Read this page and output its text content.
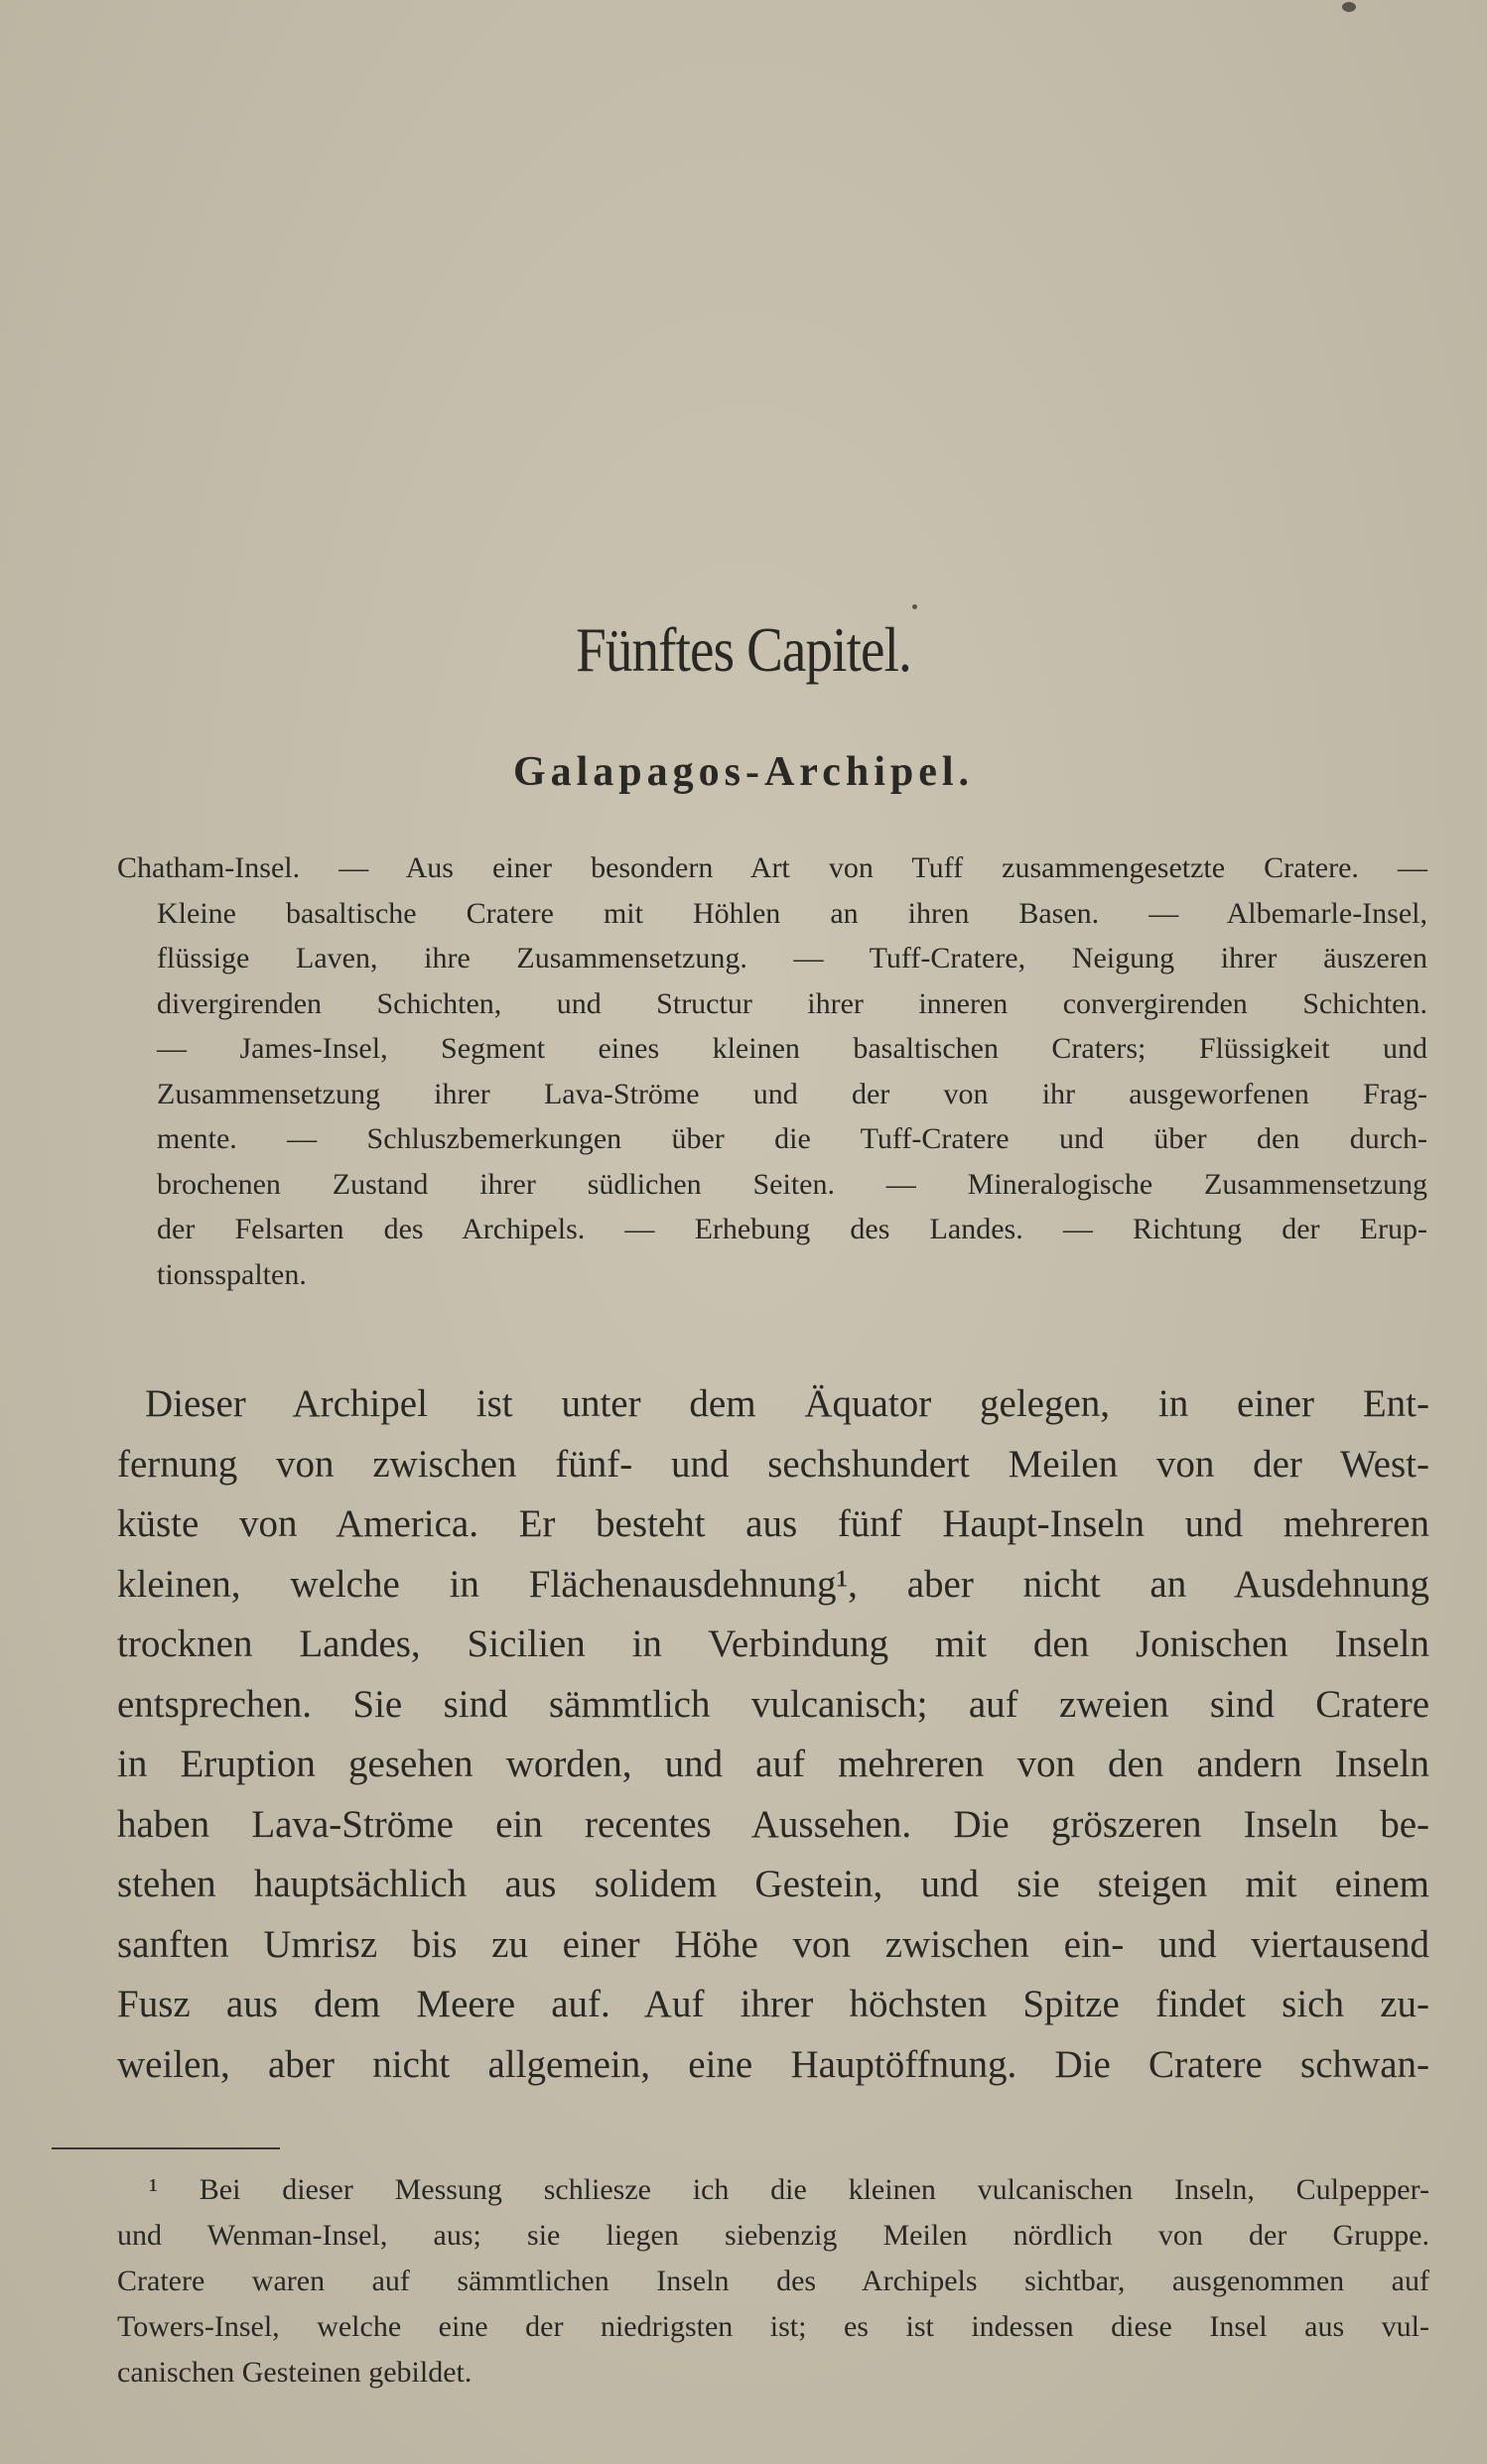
Fünftes Capitel.
Galapagos-Archipel.
Chatham-Insel. — Aus einer besondern Art von Tuff zusammengesetzte Cratere. —
Kleine basaltische Cratere mit Höhlen an ihren Basen. — Albemarle-Insel,
flüssige Laven, ihre Zusammensetzung. — Tuff-Cratere, Neigung ihrer äuszeren
divergirenden Schichten, und Structur ihrer inneren convergirenden Schichten.
— James-Insel, Segment eines kleinen basaltischen Craters; Flüssigkeit und
Zusammensetzung ihrer Lava-Ströme und der von ihr ausgeworfenen Frag-
mente. — Schluszbemerkungen über die Tuff-Cratere und über den durch-
brochenen Zustand ihrer südlichen Seiten. — Mineralogische Zusammensetzung
der Felsarten des Archipels. — Erhebung des Landes. — Richtung der Erup-
tionsspalten.
Dieser Archipel ist unter dem Äquator gelegen, in einer Ent-
fernung von zwischen fünf- und sechshundert Meilen von der West-
küste von America. Er besteht aus fünf Haupt-Inseln und mehreren
kleinen, welche in Flächenausdehnung¹, aber nicht an Ausdehnung
trocknen Landes, Sicilien in Verbindung mit den Jonischen Inseln
entsprechen. Sie sind sämmtlich vulcanisch; auf zweien sind Cratere
in Eruption gesehen worden, und auf mehreren von den andern Inseln
haben Lava-Ströme ein recentes Aussehen. Die gröszeren Inseln be-
stehen hauptsächlich aus solidem Gestein, und sie steigen mit einem
sanften Umrisz bis zu einer Höhe von zwischen ein- und viertausend
Fusz aus dem Meere auf. Auf ihrer höchsten Spitze findet sich zu-
weilen, aber nicht allgemein, eine Hauptöffnung. Die Cratere schwan-
¹ Bei dieser Messung schliesze ich die kleinen vulcanischen Inseln, Culpepper-
und Wenman-Insel, aus; sie liegen siebenzig Meilen nördlich von der Gruppe.
Cratere waren auf sämmtlichen Inseln des Archipels sichtbar, ausgenommen auf
Towers-Insel, welche eine der niedrigsten ist; es ist indessen diese Insel aus vul-
canischen Gesteinen gebildet.
